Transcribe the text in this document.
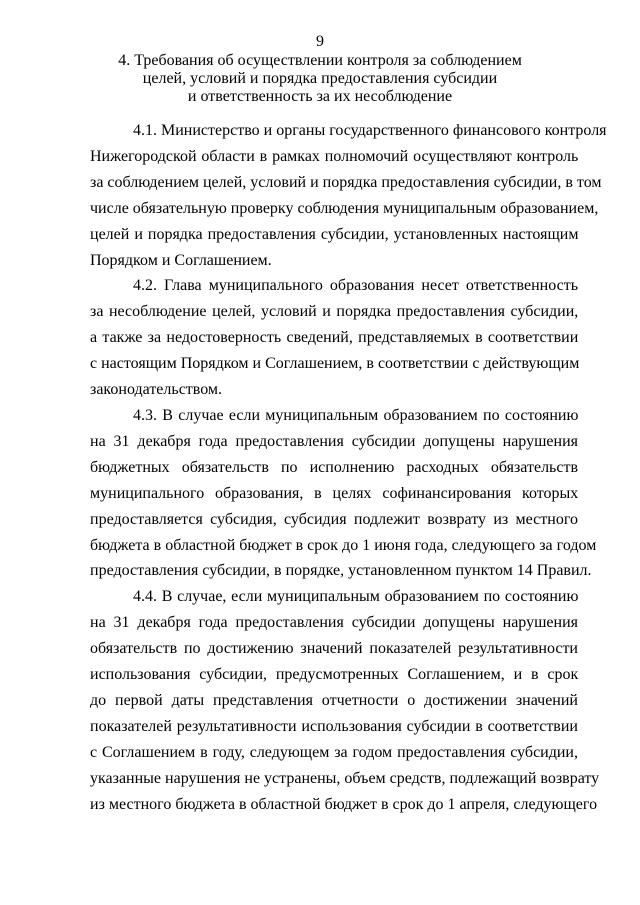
9
4. Требования об осуществлении контроля за соблюдением
целей, условий и порядка предоставления субсидии
и ответственность за их несоблюдение
4.1. Министерство и органы государственного финансового контроля
Нижегородской области в рамках полномочий осуществляют контроль
за соблюдением целей, условий и порядка предоставления субсидии, в том
числе обязательную проверку соблюдения муниципальным образованием,
целей и порядка предоставления субсидии, установленных настоящим
Порядком и Соглашением.
4.2. Глава муниципального образования несет ответственность
за несоблюдение целей, условий и порядка предоставления субсидии,
а также за недостоверность сведений, представляемых в соответствии
с настоящим Порядком и Соглашением, в соответствии с действующим
законодательством.
4.3. В случае если муниципальным образованием по состоянию
на 31 декабря года предоставления субсидии допущены нарушения
бюджетных обязательств по исполнению расходных обязательств
муниципального образования, в целях софинансирования которых
предоставляется субсидия, субсидия подлежит возврату из местного
бюджета в областной бюджет в срок до 1 июня года, следующего за годом
предоставления субсидии, в порядке, установленном пунктом 14 Правил.
4.4. В случае, если муниципальным образованием по состоянию
на 31 декабря года предоставления субсидии допущены нарушения
обязательств по достижению значений показателей результативности
использования субсидии, предусмотренных Соглашением, и в срок
до первой даты представления отчетности о достижении значений
показателей результативности использования субсидии в соответствии
с Соглашением в году, следующем за годом предоставления субсидии,
указанные нарушения не устранены, объем средств, подлежащий возврату
из местного бюджета в областной бюджет в срок до 1 апреля, следующего
